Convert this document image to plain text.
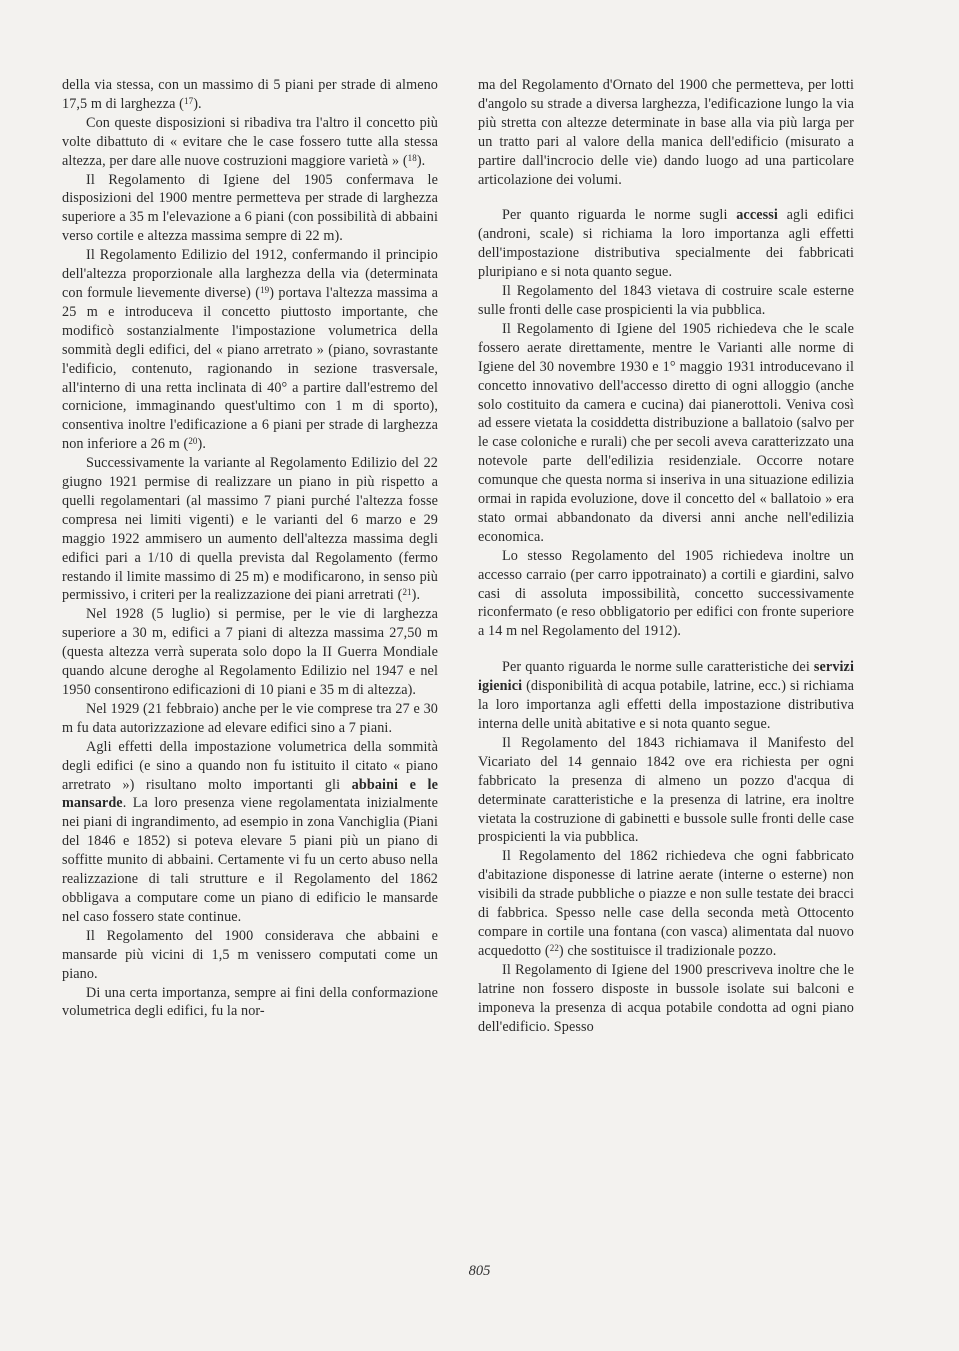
della via stessa, con un massimo di 5 piani per strade di almeno 17,5 m di larghezza ($^{17}$).

Con queste disposizioni si ribadiva tra l'altro il concetto più volte dibattuto di « evitare che le case fossero tutte alla stessa altezza, per dare alle nuove costruzioni maggiore varietà » ($^{18}$).

Il Regolamento di Igiene del 1905 confermava le disposizioni del 1900 mentre permetteva per strade di larghezza superiore a 35 m l'elevazione a 6 piani (con possibilità di abbaini verso cortile e altezza massima sempre di 22 m).

Il Regolamento Edilizio del 1912, confermando il principio dell'altezza proporzionale alla larghezza della via (determinata con formule lievemente diverse) ($^{19}$) portava l'altezza massima a 25 m e introduceva il concetto piuttosto importante, che modificò sostanzialmente l'impostazione volumetrica della sommità degli edifici, del « piano arretrato » (piano, sovrastante l'edificio, contenuto, ragionando in sezione trasversale, all'interno di una retta inclinata di 40° a partire dall'estremo del cornicione, immaginando quest'ultimo con 1 m di sporto), consentiva inoltre l'edificazione a 6 piani per strade di larghezza non inferiore a 26 m ($^{20}$).

Successivamente la variante al Regolamento Edilizio del 22 giugno 1921 permise di realizzare un piano in più rispetto a quelli regolamentari (al massimo 7 piani purché l'altezza fosse compresa nei limiti vigenti) e le varianti del 6 marzo e 29 maggio 1922 ammisero un aumento dell'altezza massima degli edifici pari a 1/10 di quella prevista dal Regolamento (fermo restando il limite massimo di 25 m) e modificarono, in senso più permissivo, i criteri per la realizzazione dei piani arretrati ($^{21}$).

Nel 1928 (5 luglio) si permise, per le vie di larghezza superiore a 30 m, edifici a 7 piani di altezza massima 27,50 m (questa altezza verrà superata solo dopo la II Guerra Mondiale quando alcune deroghe al Regolamento Edilizio nel 1947 e nel 1950 consentirono edificazioni di 10 piani e 35 m di altezza).

Nel 1929 (21 febbraio) anche per le vie comprese tra 27 e 30 m fu data autorizzazione ad elevare edifici sino a 7 piani.

Agli effetti della impostazione volumetrica della sommità degli edifici (e sino a quando non fu istituito il citato « piano arretrato ») risultano molto importanti gli abbaini e le mansarde. La loro presenza viene regolamentata inizialmente nei piani di ingrandimento, ad esempio in zona Vanchiglia (Piani del 1846 e 1852) si poteva elevare 5 piani più un piano di soffitte munito di abbaini. Certamente vi fu un certo abuso nella realizzazione di tali strutture e il Regolamento del 1862 obbligava a computare come un piano di edificio le mansarde nel caso fossero state continue.

Il Regolamento del 1900 considerava che abbaini e mansarde più vicini di 1,5 m venissero computati come un piano.

Di una certa importanza, sempre ai fini della conformazione volumetrica degli edifici, fu la nor-

ma del Regolamento d'Ornato del 1900 che permetteva, per lotti d'angolo su strade a diversa larghezza, l'edificazione lungo la via più stretta con altezze determinate in base alla via più larga per un tratto pari al valore della manica dell'edificio (misurato a partire dall'incrocio delle vie) dando luogo ad una particolare articolazione dei volumi.

Per quanto riguarda le norme sugli accessi agli edifici (androni, scale) si richiama la loro importanza agli effetti dell'impostazione distributiva specialmente dei fabbricati pluripiano e si nota quanto segue.

Il Regolamento del 1843 vietava di costruire scale esterne sulle fronti delle case prospicienti la via pubblica.

Il Regolamento di Igiene del 1905 richiedeva che le scale fossero aerate direttamente, mentre le Varianti alle norme di Igiene del 30 novembre 1930 e 1° maggio 1931 introducevano il concetto innovativo dell'accesso diretto di ogni alloggio (anche solo costituito da camera e cucina) dai pianerottoli. Veniva così ad essere vietata la cosiddetta distribuzione a ballatoio (salvo per le case coloniche e rurali) che per secoli aveva caratterizzato una notevole parte dell'edilizia residenziale. Occorre notare comunque che questa norma si inseriva in una situazione edilizia ormai in rapida evoluzione, dove il concetto del « ballatoio » era stato ormai abbandonato da diversi anni anche nell'edilizia economica.

Lo stesso Regolamento del 1905 richiedeva inoltre un accesso carraio (per carro ippotrainato) a cortili e giardini, salvo casi di assoluta impossibilità, concetto successivamente riconfermato (e reso obbligatorio per edifici con fronte superiore a 14 m nel Regolamento del 1912).

Per quanto riguarda le norme sulle caratteristiche dei servizi igienici (disponibilità di acqua potabile, latrine, ecc.) si richiama la loro importanza agli effetti della impostazione distributiva interna delle unità abitative e si nota quanto segue.

Il Regolamento del 1843 richiamava il Manifesto del Vicariato del 14 gennaio 1842 ove era richiesta per ogni fabbricato la presenza di almeno un pozzo d'acqua di determinate caratteristiche e la presenza di latrine, era inoltre vietata la costruzione di gabinetti e bussole sulle fronti delle case prospicienti la via pubblica.

Il Regolamento del 1862 richiedeva che ogni fabbricato d'abitazione disponesse di latrine aerate (interne o esterne) non visibili da strade pubbliche o piazze e non sulle testate dei bracci di fabbrica. Spesso nelle case della seconda metà Ottocento compare in cortile una fontana (con vasca) alimentata dal nuovo acquedotto ($^{22}$) che sostituisce il tradizionale pozzo.

Il Regolamento di Igiene del 1900 prescriveva inoltre che le latrine non fossero disposte in bussole isolate sui balconi e imponeva la presenza di acqua potabile condotta ad ogni piano dell'edificio. Spesso

805
